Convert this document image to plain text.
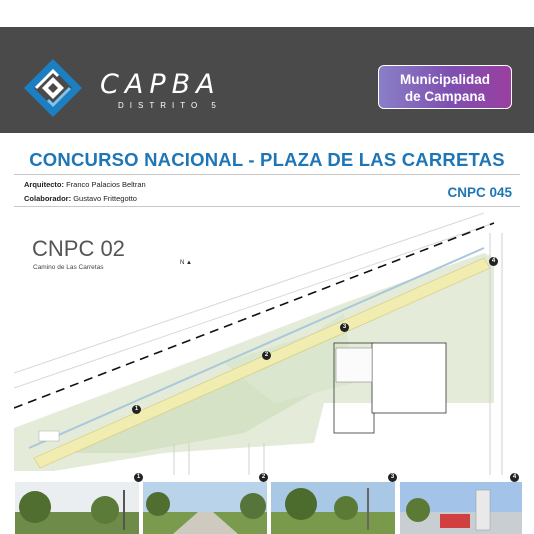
CAPBA
DISTRITO 5
Municipalidad
de Campana
CONCURSO NACIONAL - PLAZA DE LAS CARRETAS
Arquitecto: Franco Palacios Beltran
Colaborador: Gustavo Frittegotto	CNPC 045
CNPC 02
Camino de Las Carretas
N ▲
1
2
3
4
1	2	3	4
